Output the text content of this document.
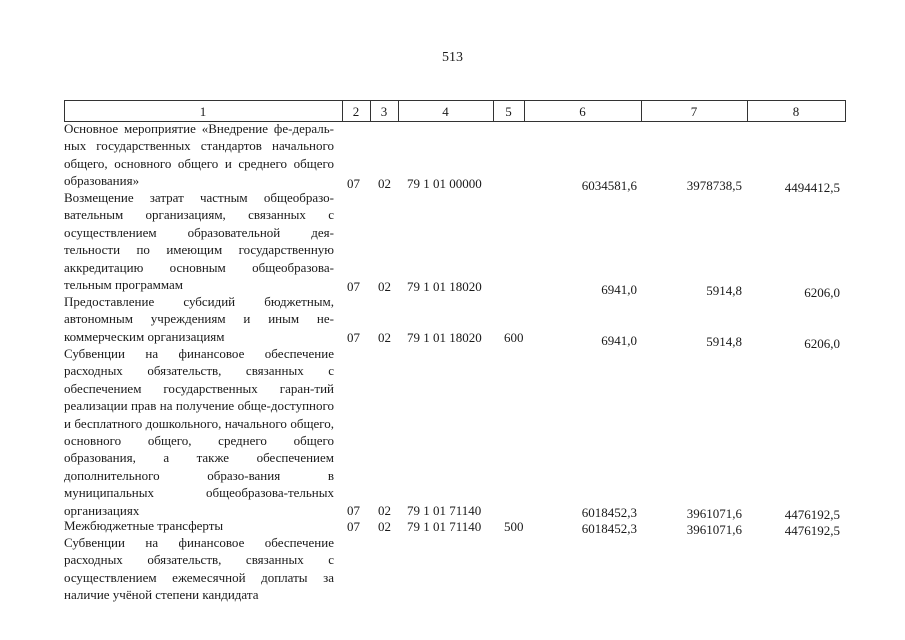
513
1	2	3	4	5	6	7	8
Основное мероприятие «Внедрение фе-деральных государственных стандартов начального общего, основного общего и среднего общего образования»	07 02 79 1 01 00000	6034581,6	3978738,5	4494412,5
Возмещение затрат частным общеобразо-вательным организациям, связанных с осуществлением образовательной дея-тельности по имеющим государственную аккредитацию основным общеобразова-тельным программам	07 02 79 1 01 18020	6941,0	5914,8	6206,0
Предоставление субсидий бюджетным, автономным учреждениям и иным не-коммерческим организациям	07 02 79 1 01 18020 600	6941,0	5914,8	6206,0
Субвенции на финансовое обеспечение расходных обязательств, связанных с обеспечением государственных гаран-тий реализации прав на получение обще-доступного и бесплатного дошкольного, начального общего, основного общего, среднего общего образования, а также обеспечением дополнительного образо-вания в муниципальных общеобразова-тельных организациях	07 02 79 1 01 71140	6018452,3	3961071,6	4476192,5
Межбюджетные трансферты	07 02 79 1 01 71140 500	6018452,3	3961071,6	4476192,5
Субвенции на финансовое обеспечение расходных обязательств, связанных с осуществлением ежемесячной доплаты за наличие учёной степени кандидата
